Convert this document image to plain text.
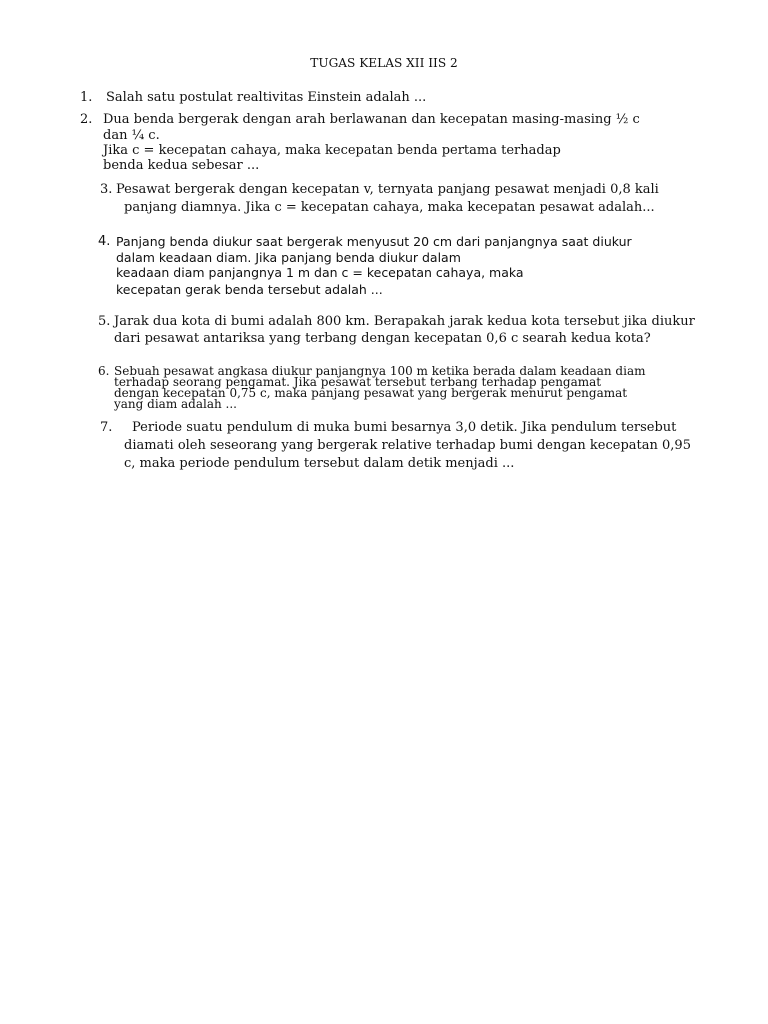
TUGAS KELAS XII IIS 2
1. Salah satu postulat realtivitas Einstein adalah ...
2. Dua benda bergerak dengan arah berlawanan dan kecepatan masing-masing ½ c
dan ¼ c.
Jika c = kecepatan cahaya, maka kecepatan benda pertama terhadap
benda kedua sebesar ...
3. Pesawat bergerak dengan kecepatan v, ternyata panjang pesawat menjadi 0,8 kali
panjang diamnya. Jika c = kecepatan cahaya, maka kecepatan pesawat adalah...
4. Panjang benda diukur saat bergerak menyusut 20 cm dari panjangnya saat diukur
dalam keadaan diam. Jika panjang benda diukur dalam
keadaan diam panjangnya 1 m dan c = kecepatan cahaya, maka
kecepatan gerak benda tersebut adalah ...
5. Jarak dua kota di bumi adalah 800 km. Berapakah jarak kedua kota tersebut jika diukur
dari pesawat antariksa yang terbang dengan kecepatan 0,6 c searah kedua kota?
6. Sebuah pesawat angkasa diukur panjangnya 100 m ketika berada dalam keadaan diam
terhadap seorang pengamat. Jika pesawat tersebut terbang terhadap pengamat
dengan kecepatan 0,75 c, maka panjang pesawat yang bergerak menurut pengamat
yang diam adalah ...
7. Periode suatu pendulum di muka bumi besarnya 3,0 detik. Jika pendulum tersebut
diamati oleh seseorang yang bergerak relative terhadap bumi dengan kecepatan 0,95
c, maka periode pendulum tersebut dalam detik menjadi ...
